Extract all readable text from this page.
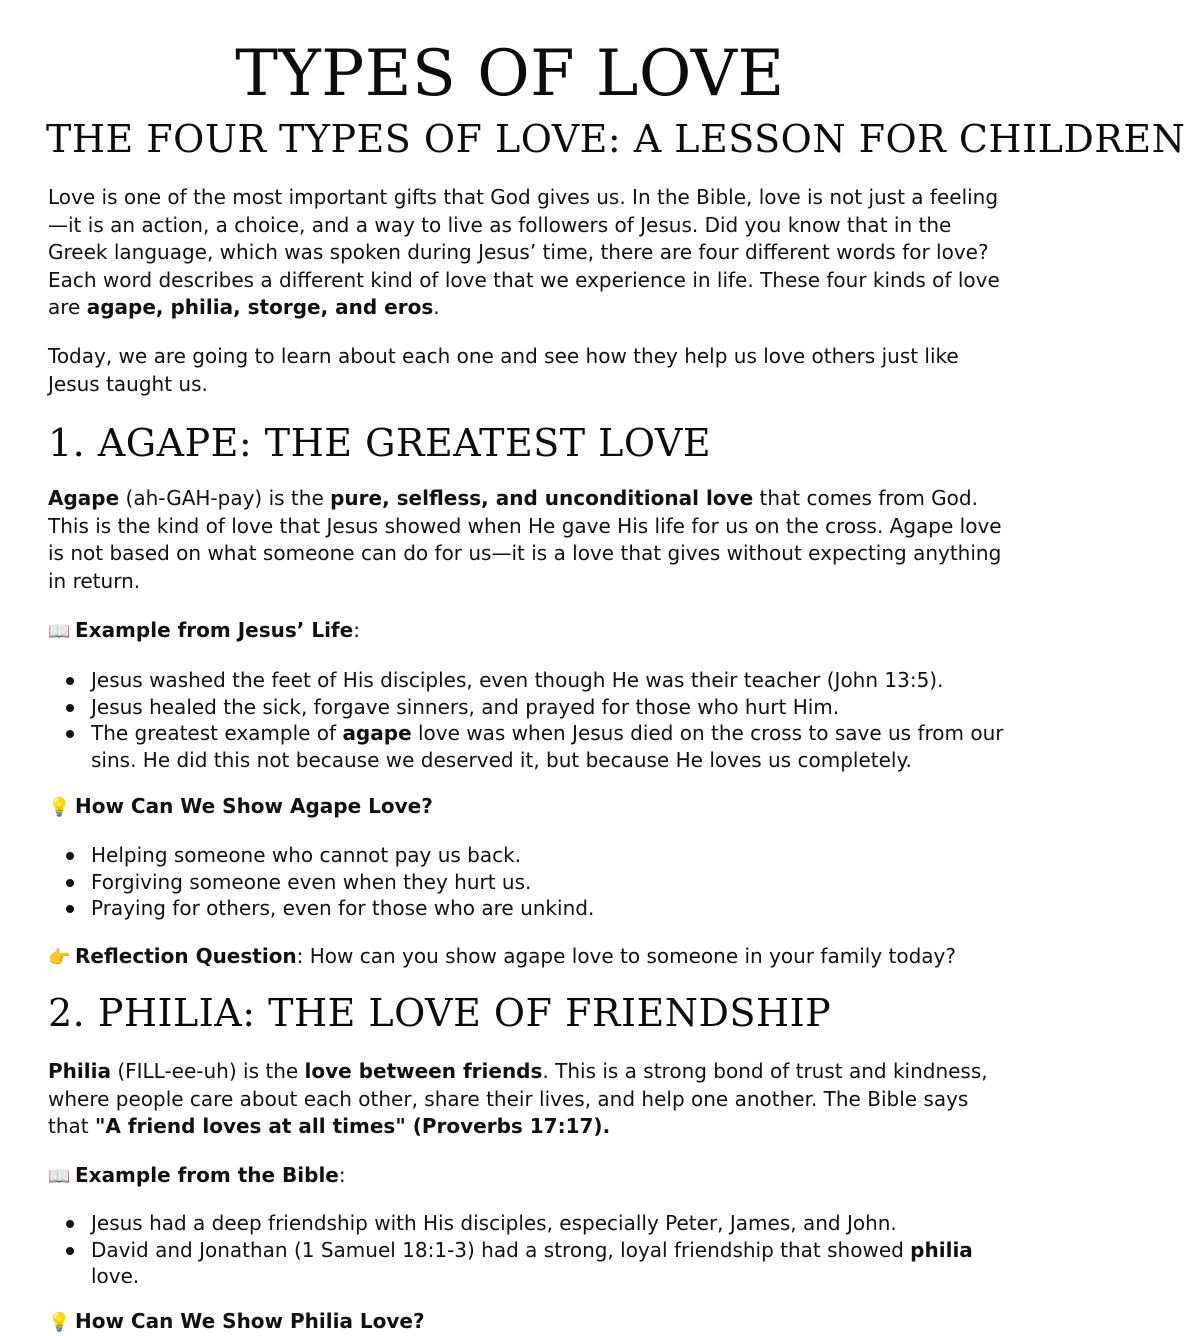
TYPES OF LOVE
THE FOUR TYPES OF LOVE: A LESSON FOR CHILDREN

Love is one of the most important gifts that God gives us. In the Bible, love is not just a feeling—it is an action, a choice, and a way to live as followers of Jesus. Did you know that in the Greek language, which was spoken during Jesus’ time, there are four different words for love? Each word describes a different kind of love that we experience in life. These four kinds of love are agape, philia, storge, and eros.

Today, we are going to learn about each one and see how they help us love others just like Jesus taught us.

1. AGAPE: THE GREATEST LOVE

Agape (ah-GAH-pay) is the pure, selfless, and unconditional love that comes from God. This is the kind of love that Jesus showed when He gave His life for us on the cross. Agape love is not based on what someone can do for us—it is a love that gives without expecting anything in return.

📖 Example from Jesus’ Life:
Jesus washed the feet of His disciples, even though He was their teacher (John 13:5).
Jesus healed the sick, forgave sinners, and prayed for those who hurt Him.
The greatest example of agape love was when Jesus died on the cross to save us from our sins. He did this not because we deserved it, but because He loves us completely.
💡 How Can We Show Agape Love?
Helping someone who cannot pay us back.
Forgiving someone even when they hurt us.
Praying for others, even for those who are unkind.
👉 Reflection Question: How can you show agape love to someone in your family today?
2. PHILIA: THE LOVE OF FRIENDSHIP

Philia (FILL-ee-uh) is the love between friends. This is a strong bond of trust and kindness, where people care about each other, share their lives, and help one another. The Bible says that "A friend loves at all times" (Proverbs 17:17).

📖 Example from the Bible:
Jesus had a deep friendship with His disciples, especially Peter, James, and John.
David and Jonathan (1 Samuel 18:1-3) had a strong, loyal friendship that showed philia love.
💡 How Can We Show Philia Love?
